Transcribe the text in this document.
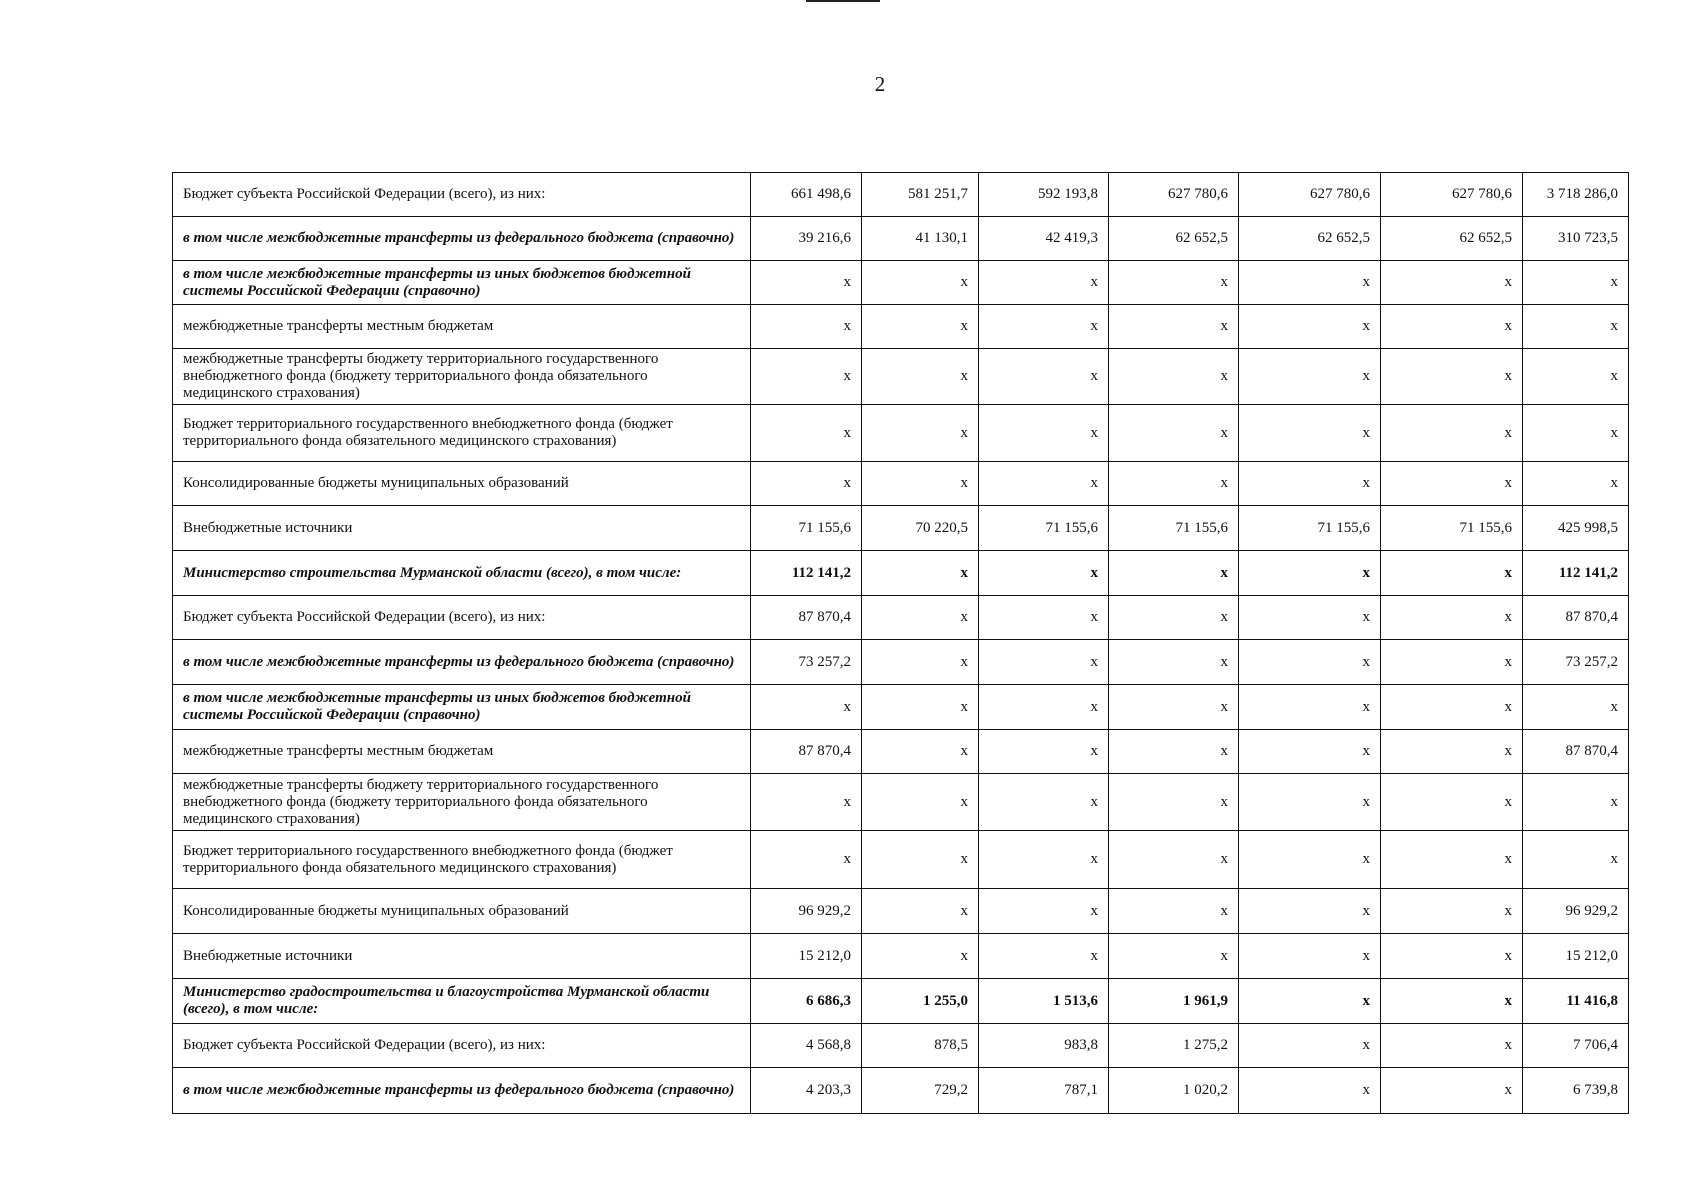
2
Бюджет субъекта Российской Федерации (всего), из них:	661 498,6	581 251,7	592 193,8	627 780,6	627 780,6	627 780,6	3 718 286,0
в том числе межбюджетные трансферты из федерального бюджета (справочно)	39 216,6	41 130,1	42 419,3	62 652,5	62 652,5	62 652,5	310 723,5
в том числе межбюджетные трансферты из иных бюджетов бюджетной системы Российской Федерации (справочно)	x	x	x	x	x	x	x
межбюджетные трансферты местным бюджетам	x	x	x	x	x	x	x
межбюджетные трансферты бюджету территориального государственного внебюджетного фонда (бюджету территориального фонда обязательного медицинского страхования)	x	x	x	x	x	x	x
Бюджет территориального государственного внебюджетного фонда (бюджет территориального фонда обязательного медицинского страхования)	x	x	x	x	x	x	x
Консолидированные бюджеты муниципальных образований	x	x	x	x	x	x	x
Внебюджетные источники	71 155,6	70 220,5	71 155,6	71 155,6	71 155,6	71 155,6	425 998,5
Министерство строительства Мурманской области (всего), в том числе:	112 141,2	x	x	x	x	x	112 141,2
Бюджет субъекта Российской Федерации (всего), из них:	87 870,4	x	x	x	x	x	87 870,4
в том числе межбюджетные трансферты из федерального бюджета (справочно)	73 257,2	x	x	x	x	x	73 257,2
в том числе межбюджетные трансферты из иных бюджетов бюджетной системы Российской Федерации (справочно)	x	x	x	x	x	x	x
межбюджетные трансферты местным бюджетам	87 870,4	x	x	x	x	x	87 870,4
межбюджетные трансферты бюджету территориального государственного внебюджетного фонда (бюджету территориального фонда обязательного медицинского страхования)	x	x	x	x	x	x	x
Бюджет территориального государственного внебюджетного фонда (бюджет территориального фонда обязательного медицинского страхования)	x	x	x	x	x	x	x
Консолидированные бюджеты муниципальных образований	96 929,2	x	x	x	x	x	96 929,2
Внебюджетные источники	15 212,0	x	x	x	x	x	15 212,0
Министерство градостроительства и благоустройства Мурманской области (всего), в том числе:	6 686,3	1 255,0	1 513,6	1 961,9	x	x	11 416,8
Бюджет субъекта Российской Федерации (всего), из них:	4 568,8	878,5	983,8	1 275,2	x	x	7 706,4
в том числе межбюджетные трансферты из федерального бюджета (справочно)	4 203,3	729,2	787,1	1 020,2	x	x	6 739,8
